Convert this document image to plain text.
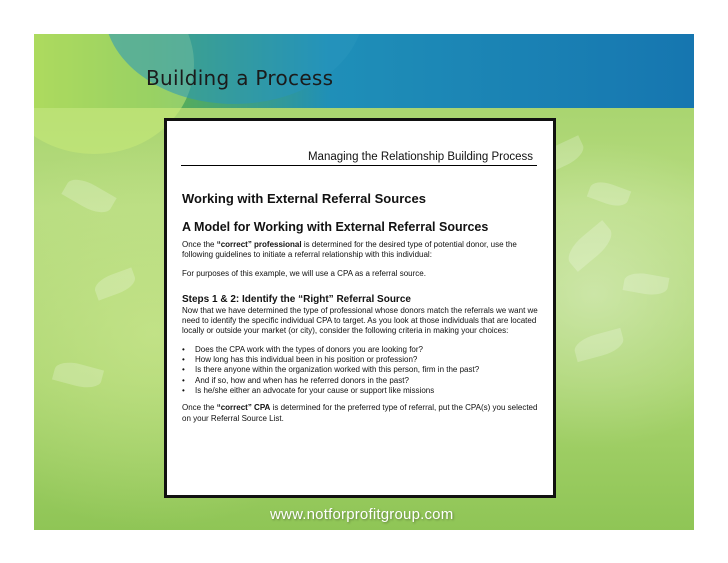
Building a Process
Managing the Relationship Building Process
Working with External Referral Sources
A Model for Working with External Referral Sources

Once the “correct” professional is determined for the desired type of potential donor, use the following guidelines to initiate a referral relationship with this individual:

For purposes of this example, we will use a CPA as a referral source.

Steps 1 & 2: Identify the “Right” Referral Source

Now that we have determined the type of professional whose donors match the referrals we want we need to identify the specific individual CPA to target. As you look at those individuals that are located locally or outside your market (or city), consider the following criteria in making your choices:

• Does the CPA work with the types of donors you are looking for?
• How long has this individual been in his position or profession?
• Is there anyone within the organization worked with this person, firm in the past?
• And if so, how and when has he referred donors in the past?
• Is he/she either an advocate for your cause or support like missions

Once the “correct” CPA is determined for the preferred type of referral, put the CPA(s) you selected on your Referral Source List.

www.notforprofitgroup.com
